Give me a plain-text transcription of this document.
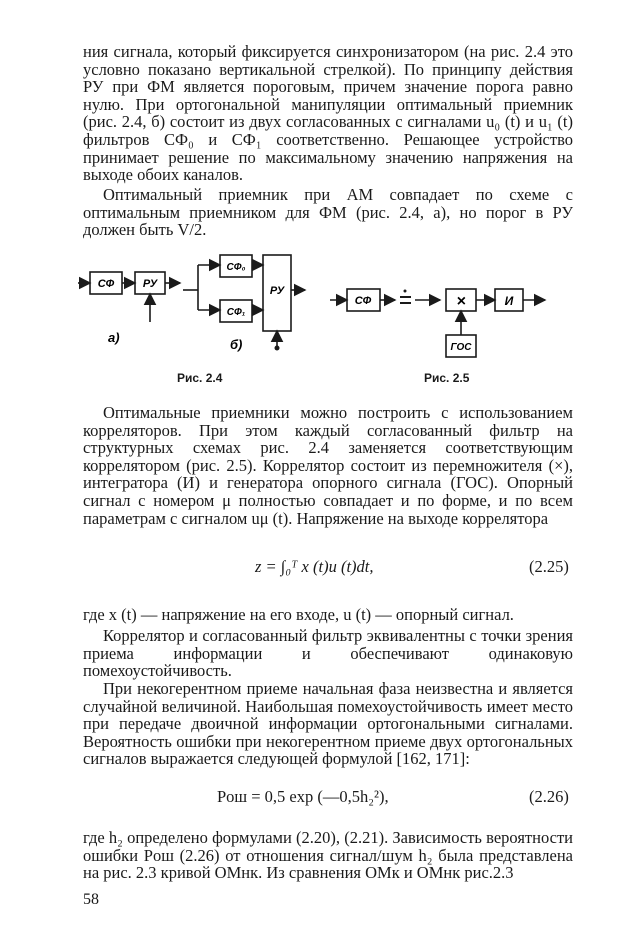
ния сигнала, который фиксируется синхронизатором (на рис. 2.4 это условно показано вертикальной стрелкой). По принципу действия РУ при ФМ является пороговым, причем значение порога равно нулю. При ортогональной манипуляции оптимальный приемник (рис. 2.4, б) состоит из двух согласованных с сигналами u₀ (t) и u₁ (t) фильтров СФ₀ и СФ₁ соответственно. Решающее устройство принимает решение по максимальному значению напряжения на выходе обоих каналов.

Оптимальный приемник при АМ совпадает по схеме с оптимальным приемником для ФМ (рис. 2.4, а), но порог в РУ должен быть V/2.

СФ	РУ
СФ₀
СФ₁
РУ
а)	б)
СФ	×	И
ГОС
Рис. 2.4	Рис. 2.5

Оптимальные приемники можно построить с использованием корреляторов. При этом каждый согласованный фильтр на структурных схемах рис. 2.4 заменяется соответствующим коррелятором (рис. 2.5). Коррелятор состоит из перемножителя (×), интегратора (И) и генератора опорного сигнала (ГОС). Опорный сигнал с номером μ полностью совпадает и по форме, и по всем параметрам с сигналом uμ (t). Напряжение на выходе коррелятора

z = ∫₀ᵀ x (t)u (t)dt,	(2.25)

где x (t) — напряжение на его входе, u (t) — опорный сигнал.

Коррелятор и согласованный фильтр эквивалентны с точки зрения приема информации и обеспечивают одинаковую помехоустойчивость.

При некогерентном приеме начальная фаза неизвестна и является случайной величиной. Наибольшая помехоустойчивость имеет место при передаче двоичной информации ортогональными сигналами. Вероятность ошибки при некогерентном приеме двух ортогональных сигналов выражается следующей формулой [162, 171]:

Pош = 0,5 exp (—0,5h₂²),	(2.26)

где h₂ определено формулами (2.20), (2.21). Зависимость вероятности ошибки Pош (2.26) от отношения сигнал/шум h₂ была представлена на рис. 2.3 кривой ОМнк. Из сравнения ОМк и ОМнк рис.2.3

58
